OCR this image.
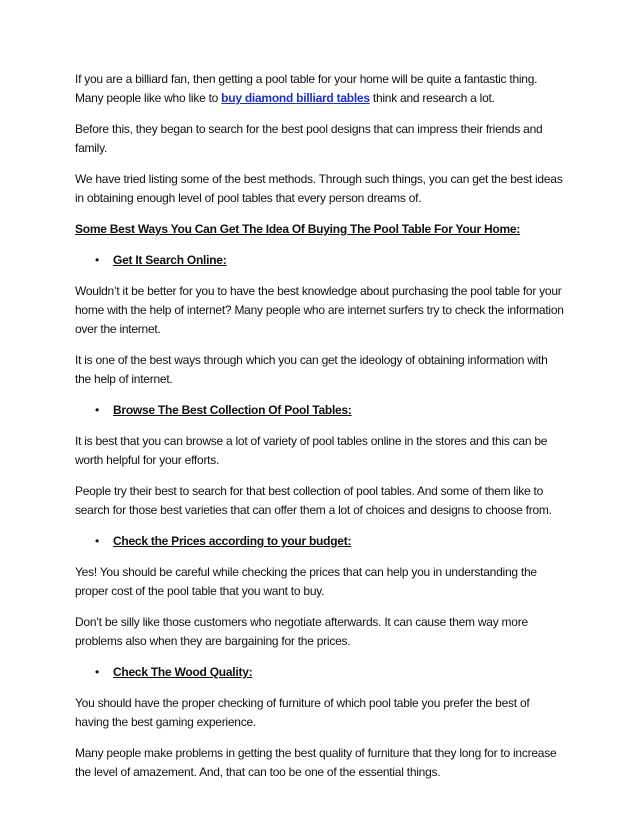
If you are a billiard fan, then getting a pool table for your home will be quite a fantastic thing. Many people like who like to buy diamond billiard tables think and research a lot.

Before this, they began to search for the best pool designs that can impress their friends and family.

We have tried listing some of the best methods. Through such things, you can get the best ideas in obtaining enough level of pool tables that every person dreams of.

Some Best Ways You Can Get The Idea Of Buying The Pool Table For Your Home:

• Get It Search Online:

Wouldn’t it be better for you to have the best knowledge about purchasing the pool table for your home with the help of internet? Many people who are internet surfers try to check the information over the internet.

It is one of the best ways through which you can get the ideology of obtaining information with the help of internet.

• Browse The Best Collection Of Pool Tables:

It is best that you can browse a lot of variety of pool tables online in the stores and this can be worth helpful for your efforts.

People try their best to search for that best collection of pool tables. And some of them like to search for those best varieties that can offer them a lot of choices and designs to choose from.

• Check the Prices according to your budget:

Yes! You should be careful while checking the prices that can help you in understanding the proper cost of the pool table that you want to buy.

Don’t be silly like those customers who negotiate afterwards. It can cause them way more problems also when they are bargaining for the prices.

• Check The Wood Quality:

You should have the proper checking of furniture of which pool table you prefer the best of having the best gaming experience.

Many people make problems in getting the best quality of furniture that they long for to increase the level of amazement. And, that can too be one of the essential things.
